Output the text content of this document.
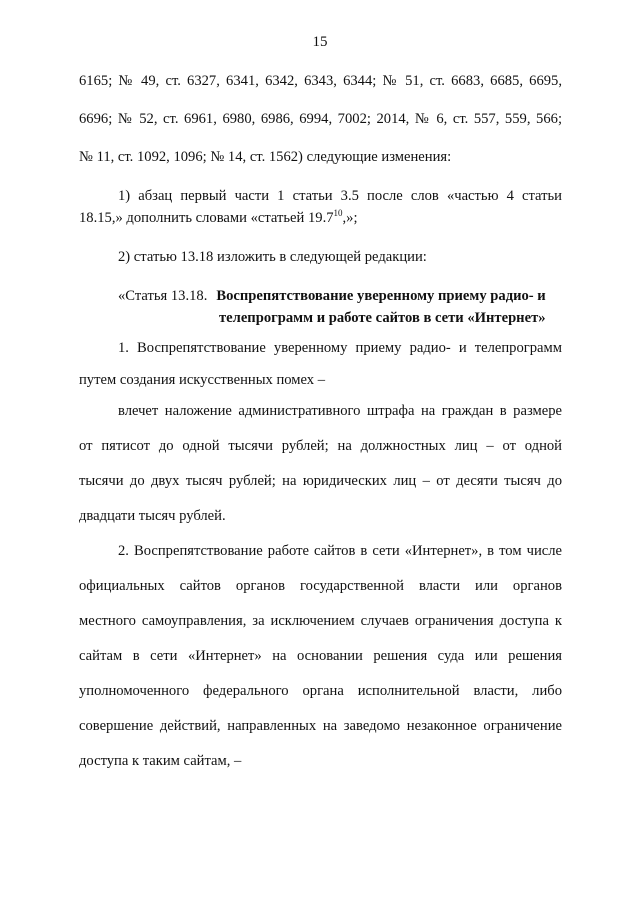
15
6165; № 49, ст. 6327, 6341, 6342, 6343, 6344; № 51, ст. 6683, 6685, 6695,
6696; № 52, ст. 6961, 6980, 6986, 6994, 7002; 2014, № 6, ст. 557, 559, 566;
№ 11, ст. 1092, 1096; № 14, ст. 1562) следующие изменения:
1) абзац первый части 1 статьи 3.5 после слов «частью 4 статьи
18.15,» дополнить словами «статьей 19.7$^{10}$,»;
2) статью 13.18 изложить в следующей редакции:
«Статья 13.18. Воспрепятствование уверенному приему радио- и
телепрограмм и работе сайтов в сети «Интернет»
1. Воспрепятствование уверенному приему радио- и телепрограмм
путем создания искусственных помех –
влечет наложение административного штрафа на граждан в размере
от пятисот до одной тысячи рублей; на должностных лиц – от одной
тысячи до двух тысяч рублей; на юридических лиц – от десяти тысяч до
двадцати тысяч рублей.
2. Воспрепятствование работе сайтов в сети «Интернет», в том числе
официальных сайтов органов государственной власти или органов
местного самоуправления, за исключением случаев ограничения доступа к
сайтам в сети «Интернет» на основании решения суда или решения
уполномоченного федерального органа исполнительной власти, либо
совершение действий, направленных на заведомо незаконное ограничение
доступа к таким сайтам, –
